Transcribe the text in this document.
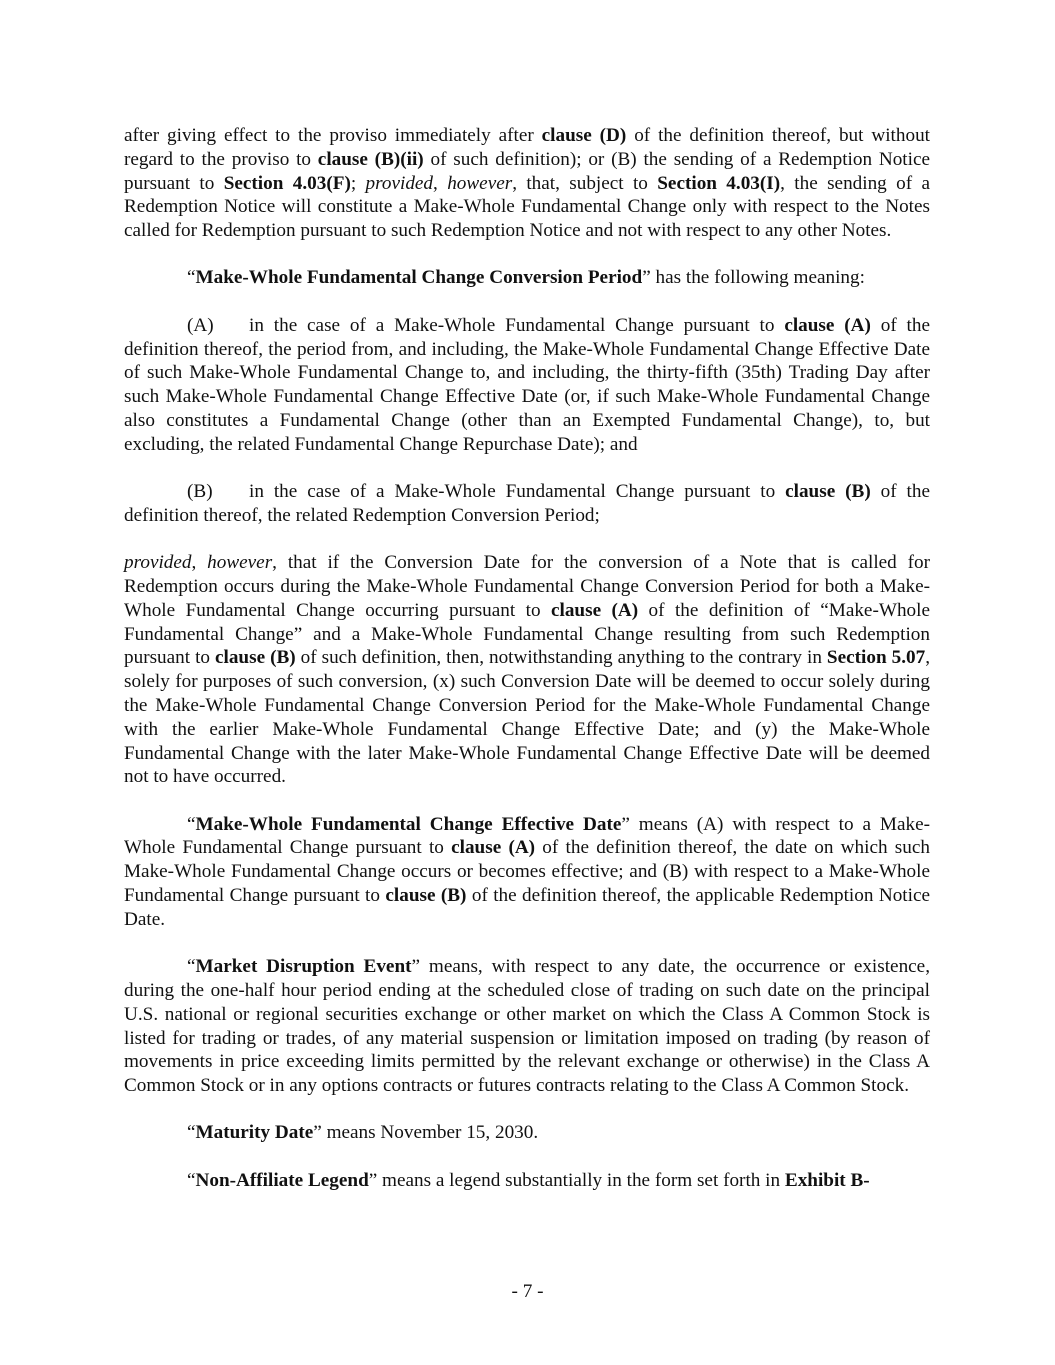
after giving effect to the proviso immediately after clause (D) of the definition thereof, but without regard to the proviso to clause (B)(ii) of such definition); or (B) the sending of a Redemption Notice pursuant to Section 4.03(F); provided, however, that, subject to Section 4.03(I), the sending of a Redemption Notice will constitute a Make-Whole Fundamental Change only with respect to the Notes called for Redemption pursuant to such Redemption Notice and not with respect to any other Notes.

“Make-Whole Fundamental Change Conversion Period” has the following meaning:

(A) in the case of a Make-Whole Fundamental Change pursuant to clause (A) of the definition thereof, the period from, and including, the Make-Whole Fundamental Change Effective Date of such Make-Whole Fundamental Change to, and including, the thirty-fifth (35th) Trading Day after such Make-Whole Fundamental Change Effective Date (or, if such Make-Whole Fundamental Change also constitutes a Fundamental Change (other than an Exempted Fundamental Change), to, but excluding, the related Fundamental Change Repurchase Date); and

(B) in the case of a Make-Whole Fundamental Change pursuant to clause (B) of the definition thereof, the related Redemption Conversion Period;

provided, however, that if the Conversion Date for the conversion of a Note that is called for Redemption occurs during the Make-Whole Fundamental Change Conversion Period for both a Make-Whole Fundamental Change occurring pursuant to clause (A) of the definition of “Make-Whole Fundamental Change” and a Make-Whole Fundamental Change resulting from such Redemption pursuant to clause (B) of such definition, then, notwithstanding anything to the contrary in Section 5.07, solely for purposes of such conversion, (x) such Conversion Date will be deemed to occur solely during the Make-Whole Fundamental Change Conversion Period for the Make-Whole Fundamental Change with the earlier Make-Whole Fundamental Change Effective Date; and (y) the Make-Whole Fundamental Change with the later Make-Whole Fundamental Change Effective Date will be deemed not to have occurred.

“Make-Whole Fundamental Change Effective Date” means (A) with respect to a Make-Whole Fundamental Change pursuant to clause (A) of the definition thereof, the date on which such Make-Whole Fundamental Change occurs or becomes effective; and (B) with respect to a Make-Whole Fundamental Change pursuant to clause (B) of the definition thereof, the applicable Redemption Notice Date.

“Market Disruption Event” means, with respect to any date, the occurrence or existence, during the one-half hour period ending at the scheduled close of trading on such date on the principal U.S. national or regional securities exchange or other market on which the Class A Common Stock is listed for trading or trades, of any material suspension or limitation imposed on trading (by reason of movements in price exceeding limits permitted by the relevant exchange or otherwise) in the Class A Common Stock or in any options contracts or futures contracts relating to the Class A Common Stock.

“Maturity Date” means November 15, 2030.

“Non-Affiliate Legend” means a legend substantially in the form set forth in Exhibit B-

- 7 -
